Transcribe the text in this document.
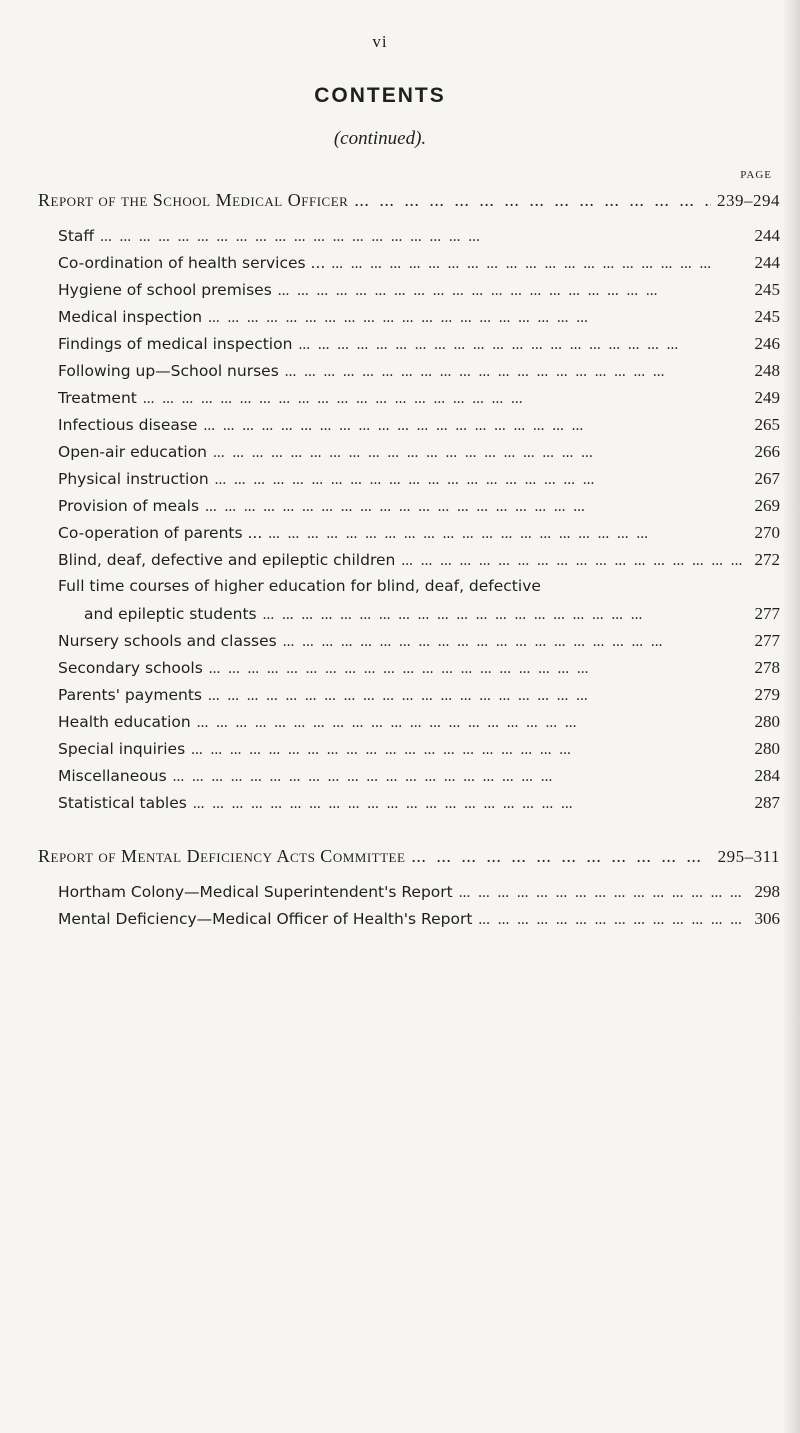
vi
CONTENTS
(continued).
PAGE
Report of the School Medical Officer ...	239–294
Staff ...	244
Co-ordination of health services ... ...	244
Hygiene of school premises ...	245
Medical inspection ...	245
Findings of medical inspection ...	246
Following up—School nurses ...	248
Treatment ...	249
Infectious disease ...	265
Open-air education ...	266
Physical instruction ...	267
Provision of meals ...	269
Co-operation of parents ... ...	270
Blind, deaf, defective and epileptic children ...	272
Full time courses of higher education for blind, deaf, defective
and epileptic students ...	277
Nursery schools and classes ...	277
Secondary schools ...	278
Parents' payments ...	279
Health education ...	280
Special inquiries ...	280
Miscellaneous ...	284
Statistical tables ...	287
Report of Mental Deficiency Acts Committee ...	295–311
Hortham Colony—Medical Superintendent's Report ...	298
Mental Deficiency—Medical Officer of Health's Report ...	306
